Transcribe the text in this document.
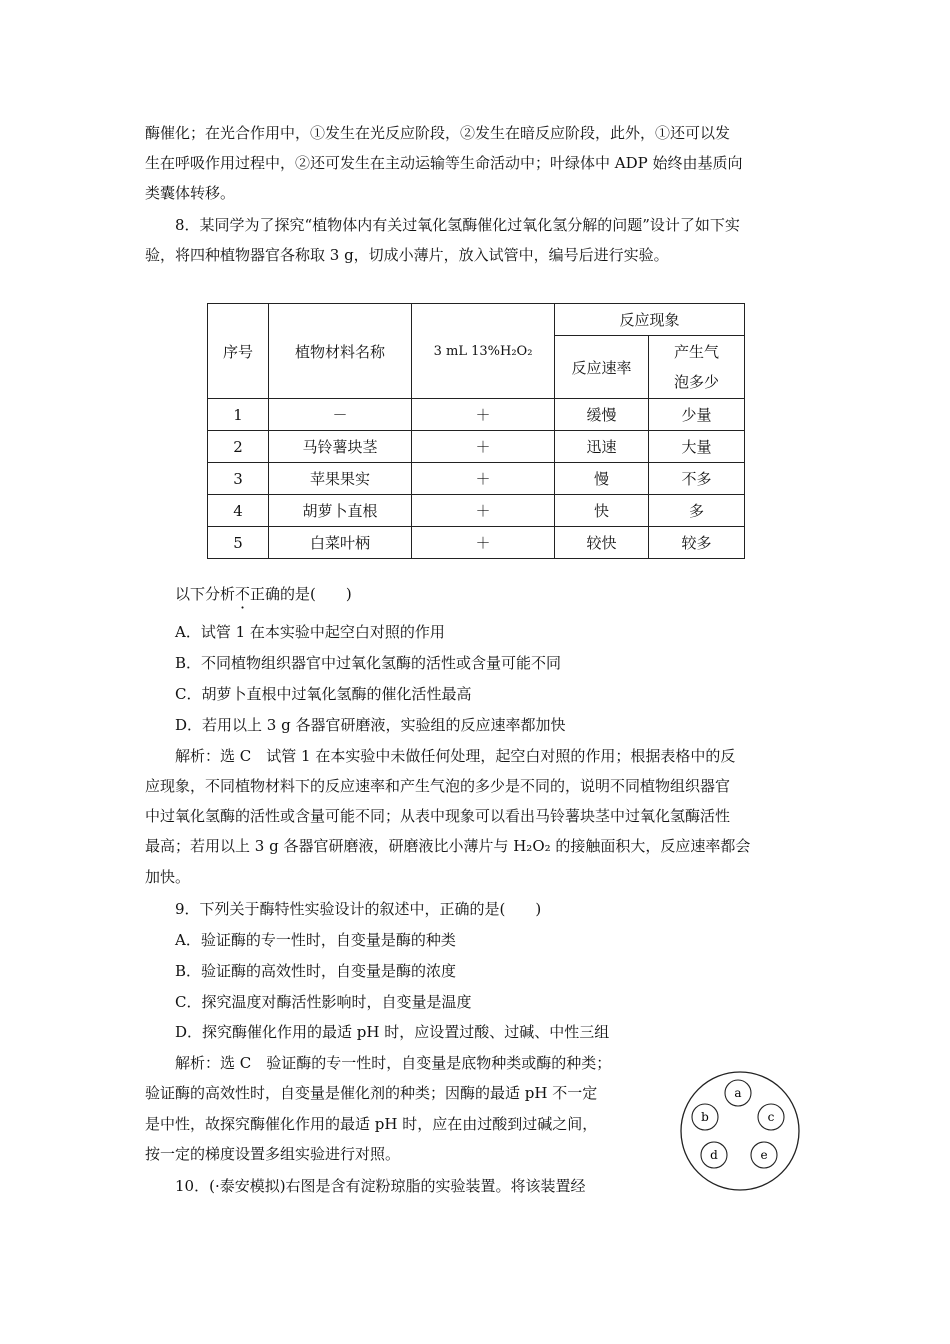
酶催化；在光合作用中，①发生在光反应阶段，②发生在暗反应阶段，此外，①还可以发
生在呼吸作用过程中，②还可发生在主动运输等生命活动中；叶绿体中 ADP 始终由基质向
类囊体转移。
8．某同学为了探究“植物体内有关过氧化氢酶催化过氧化氢分解的问题”设计了如下实
验，将四种植物器官各称取 3 g，切成小薄片，放入试管中，编号后进行实验。
序号	植物材料名称	3 mL 13%H₂O₂	反应现象	
			反应速率	产生气泡多少
1	－	＋	缓慢	少量
2	马铃薯块茎	＋	迅速	大量
3	苹果果实	＋	慢	不多
4	胡萝卜直根	＋	快	多
5	白菜叶柄	＋	较快	较多
以下分析不正确的是(　　)
A．试管 1 在本实验中起空白对照的作用
B．不同植物组织器官中过氧化氢酶的活性或含量可能不同
C．胡萝卜直根中过氧化氢酶的催化活性最高
D．若用以上 3 g 各器官研磨液，实验组的反应速率都加快
解析：选 C　试管 1 在本实验中未做任何处理，起空白对照的作用；根据表格中的反
应现象，不同植物材料下的反应速率和产生气泡的多少是不同的，说明不同植物组织器官
中过氧化氢酶的活性或含量可能不同；从表中现象可以看出马铃薯块茎中过氧化氢酶活性
最高；若用以上 3 g 各器官研磨液，研磨液比小薄片与 H₂O₂ 的接触面积大，反应速率都会
加快。
9．下列关于酶特性实验设计的叙述中，正确的是(　　)
A．验证酶的专一性时，自变量是酶的种类
B．验证酶的高效性时，自变量是酶的浓度
C．探究温度对酶活性影响时，自变量是温度
D．探究酶催化作用的最适 pH 时，应设置过酸、过碱、中性三组
解析：选 C　验证酶的专一性时，自变量是底物种类或酶的种类；
验证酶的高效性时，自变量是催化剂的种类；因酶的最适 pH 不一定
是中性，故探究酶催化作用的最适 pH 时，应在由过酸到过碱之间，
按一定的梯度设置多组实验进行对照。
10．(·泰安模拟)右图是含有淀粉琼脂的实验装置。将该装置经
a
b	c
d	e
